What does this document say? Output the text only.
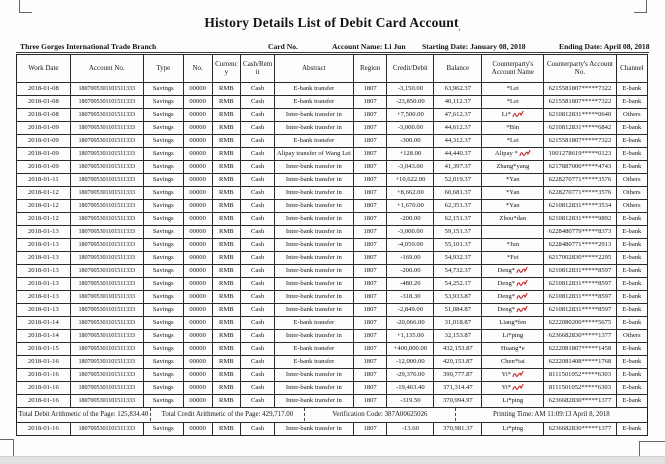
History Details List of Debit Card Account$_.$
Three Gorges International Trade Branch	Card No.	Account Name: Li Jun Starting Date: January 08, 2018	Ending Date: April 08, 2018
Work Date	Account No.	Type	No.	Currency	Cash/Remit	Abstract	Region	Credit/Debit	Balance	Counterparty's Account Name	Counterparty's Account No.	Channel
2018-01-08	1807005301101511333	Savings	00000	RMB	Cash	E-bank transfer	1807	-3,150.00	63,962.37	*Lei	6215581807*****7322	E-bank
2018-01-08	1807005301101511333	Savings	00000	RMB	Cash	E-bank transfer	1807	-23,850.00	40,112.37	*Lei	6215581807*****7322	E-bank
2018-01-08	1807005301101511333	Savings	00000	RMB	Cash	Inter-bank transfer in	1807	+7,500.00	47,612.37	Li*	6210812831*****0640	Others
2018-01-09	1807005301101511333	Savings	00000	RMB	Cash	Inter-bank transfer in	1807	-3,000.00	44,612.37	*Bin	6210812831*****6842	E-bank
2018-01-09	1807005301101511333	Savings	00000	RMB	Cash	E-bank transfer	1807	-300.00	44,312.37	*Lei	6215581807*****7322	E-bank
2018-01-09	1807005301101511333	Savings	00000	RMB	Cash	Alipay transfer of Wang Lei	1807	+128.00	44,440.37	Alipay *	1001278619*****0123	E-bank
2018-01-09	1807005301101511333	Savings	00000	RMB	Cash	Inter-bank transfer in	1807	-3,043.00	41,397.37	Zhang*yang	6217887000*****4743	E-bank
2018-01-11	1807005301101511333	Savings	00000	RMB	Cash	Inter-bank transfer in	1807	+10,622.00	52,019.37	*Yan	6228270771*****3576	Others
2018-01-12	1807005301101511333	Savings	00000	RMB	Cash	Inter-bank transfer in	1807	+8,662.00	60,681.37	*Yan	6228270771*****3576	Others
2018-01-12	1807005301101511333	Savings	00000	RMB	Cash	Inter-bank transfer in	1807	+1,670.00	62,351.37	*Yan	6210812831*****3534	Others
2018-01-12	1807005301101511333	Savings	00000	RMB	Cash	Inter-bank transfer in	1807	-200.00	62,151.37	Zhou*dan	6210812831*****9892	E-bank
2018-01-13	1807005301101511333	Savings	00000	RMB	Cash	Inter-bank transfer in	1807	-3,000.00	59,151.37		6228480779*****8373	E-bank
2018-01-13	1807005301101511333	Savings	00000	RMB	Cash	Inter-bank transfer in	1807	-4,050.00	55,101.37	*Jun	6228480771*****2913	E-bank
2018-01-13	1807005301101511333	Savings	00000	RMB	Cash	Inter-bank transfer in	1807	-169.00	54,932.37	*Fei	6217002830*****2295	E-bank
2018-01-13	1807005301101511333	Savings	00000	RMB	Cash	Inter-bank transfer in	1807	-200.00	54,732.37	Deng*	6210812831*****8597	E-bank
2018-01-13	1807005301101511333	Savings	00000	RMB	Cash	Inter-bank transfer in	1807	-480.20	54,252.17	Deng*	6210812831*****8597	E-bank
2018-01-13	1807005301101511333	Savings	00000	RMB	Cash	Inter-bank transfer in	1807	-318.30	53,933.87	Deng*	6210812831*****8597	E-bank
2018-01-13	1807005301101511333	Savings	00000	RMB	Cash	Inter-bank transfer in	1807	-2,849.00	51,084.87	Deng*	6210812831*****8597	E-bank
2018-01-14	1807005301101511333	Savings	00000	RMB	Cash	E-bank transfer	1807	-20,066.00	31,018.87	Liang*fen	6222080200*****5675	E-bank
2018-01-14	1807005301101511333	Savings	00000	RMB	Cash	Inter-bank transfer in	1807	+1,135.00	32,153.87	Li*ping	6236682830*****1377	Others
2018-01-15	1807005301101511333	Savings	00000	RMB	Cash	E-bank transfer	1807	+400,000.00	432,153.87	Huang*e	6222081807*****1458	E-bank
2018-01-16	1807005301101511333	Savings	00000	RMB	Cash	E-bank transfer	1807	-12,000.00	420,153.87	Chen*tai	6222081408*****1768	E-bank
2018-01-16	1807005301101511333	Savings	00000	RMB	Cash	Inter-bank transfer in	1807	-29,376.00	390,777.87	Yi*	8111501052*****6303	E-bank
2018-01-16	1807005301101511333	Savings	00000	RMB	Cash	Inter-bank transfer in	1807	-19,463.40	371,314.47	Yi*	8111501052*****6303	E-bank
2018-01-16	1807005301101511333	Savings	00000	RMB	Cash	Inter-bank transfer in	1807	-319.50	370,994.97	Li*ping	6236682830*****1377	E-bank

Total Debit Arithmetic of the Page: 125,834.40 Total Credit Arithmetic of the Page: 429,717.00 Verification Code: 387A00625026 Printing Time: AM 11:09:13 April 8, 2018												

2018-01-16	1807005301101511333	Savings	00000	RMB	Cash	Inter-bank transfer in	1807	-13.60	370,981.37	Li*ping	6236682830*****1377	E-bank
